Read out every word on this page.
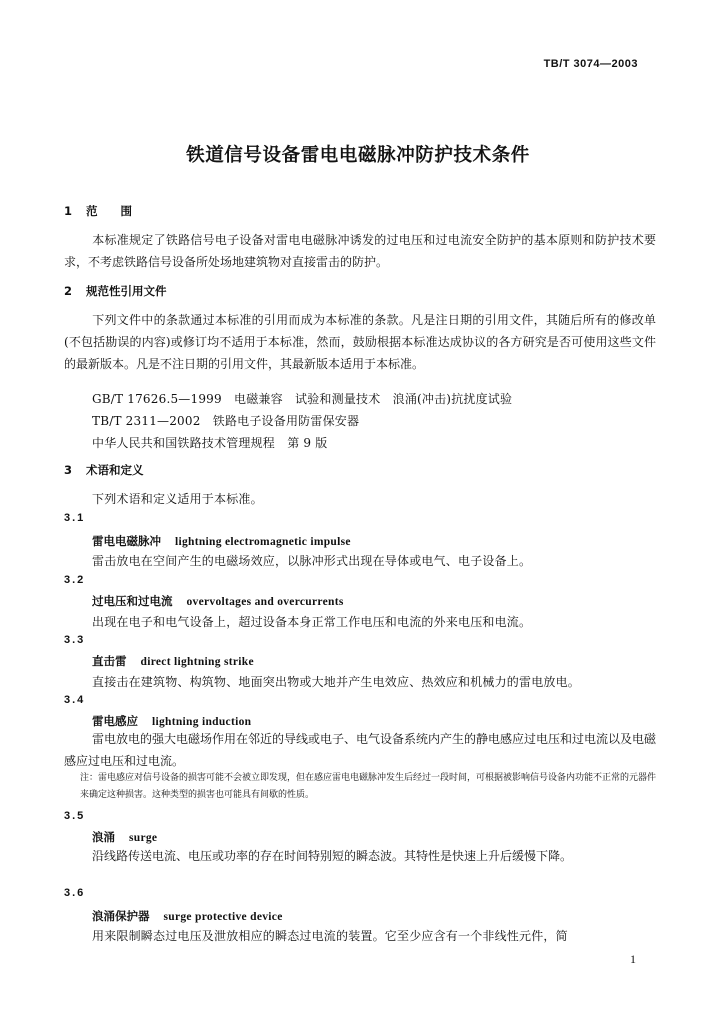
TB/T 3074—2003
铁道信号设备雷电电磁脉冲防护技术条件
1 范　　围
本标准规定了铁路信号电子设备对雷电电磁脉冲诱发的过电压和过电流安全防护的基本原则和防护技术要求，不考虑铁路信号设备所处场地建筑物对直接雷击的防护。
2 规范性引用文件
下列文件中的条款通过本标准的引用而成为本标准的条款。凡是注日期的引用文件，其随后所有的修改单(不包括勘误的内容)或修订均不适用于本标准，然而，鼓励根据本标准达成协议的各方研究是否可使用这些文件的最新版本。凡是不注日期的引用文件，其最新版本适用于本标准。
GB/T 17626.5—1999　电磁兼容　试验和测量技术　浪涌(冲击)抗扰度试验
TB/T 2311—2002　铁路电子设备用防雷保安器
中华人民共和国铁路技术管理规程　第 9 版
3 术语和定义
下列术语和定义适用于本标准。
3.1
雷电电磁脉冲 lightning electromagnetic impulse
雷击放电在空间产生的电磁场效应，以脉冲形式出现在导体或电气、电子设备上。
3.2
过电压和过电流 overvoltages and overcurrents
出现在电子和电气设备上，超过设备本身正常工作电压和电流的外来电压和电流。
3.3
直击雷 direct lightning strike
直接击在建筑物、构筑物、地面突出物或大地并产生电效应、热效应和机械力的雷电放电。
3.4
雷电感应 lightning induction
雷电放电的强大电磁场作用在邻近的导线或电子、电气设备系统内产生的静电感应过电压和过电流以及电磁感应过电压和过电流。
注：雷电感应对信号设备的损害可能不会被立即发现，但在感应雷电电磁脉冲发生后经过一段时间，可根据被影响信号设备内功能不正常的元器件来确定这种损害。这种类型的损害也可能具有间歇的性质。
3.5
浪涌 surge
沿线路传送电流、电压或功率的存在时间特别短的瞬态波。其特性是快速上升后缓慢下降。
3.6
浪涌保护器 surge protective device
用来限制瞬态过电压及泄放相应的瞬态过电流的装置。它至少应含有一个非线性元件，简
1
